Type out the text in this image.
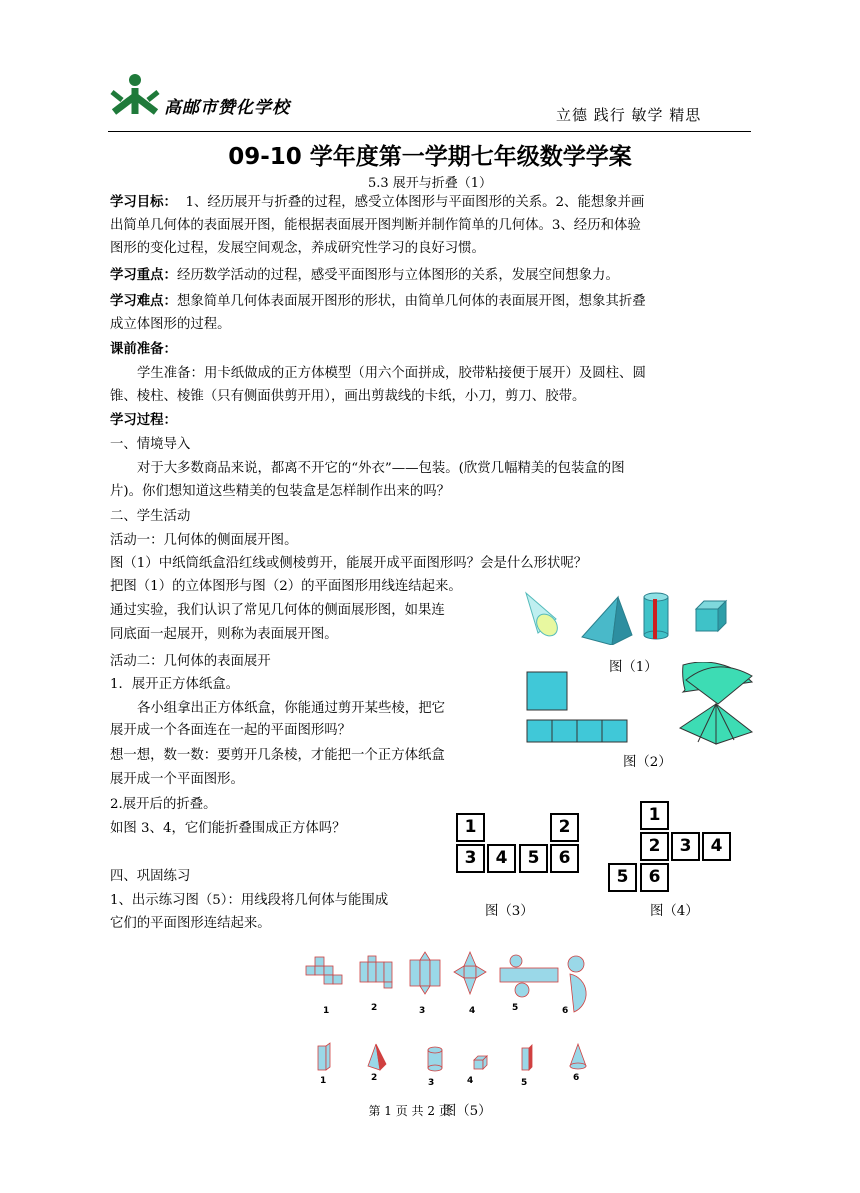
高邮市赞化学校	立德 践行 敏学 精思
09-10 学年度第一学期七年级数学学案
5.3 展开与折叠（1）
学习目标： 1、经历展开与折叠的过程，感受立体图形与平面图形的关系。2、能想象并画
出简单几何体的表面展开图，能根据表面展开图判断并制作简单的几何体。3、经历和体验
图形的变化过程，发展空间观念，养成研究性学习的良好习惯。
学习重点：经历数学活动的过程，感受平面图形与立体图形的关系，发展空间想象力。
学习难点：想象简单几何体表面展开图形的形状，由简单几何体的表面展开图，想象其折叠
成立体图形的过程。
课前准备：
学生准备：用卡纸做成的正方体模型（用六个面拼成，胶带粘接便于展开）及圆柱、圆
锥、棱柱、棱锥（只有侧面供剪开用），画出剪裁线的卡纸，小刀，剪刀、胶带。
学习过程：
一、情境导入
对于大多数商品来说，都离不开它的“外衣”——包装。(欣赏几幅精美的包装盒的图
片)。你们想知道这些精美的包装盒是怎样制作出来的吗？
二、学生活动
活动一：几何体的侧面展开图。
图（1）中纸筒纸盒沿红线或侧棱剪开，能展开成平面图形吗？会是什么形状呢？
把图（1）的立体图形与图（2）的平面图形用线连结起来。
通过实验，我们认识了常见几何体的侧面展形图，如果连
同底面一起展开，则称为表面展开图。
活动二：几何体的表面展开
1．展开正方体纸盒。
各小组拿出正方体纸盒，你能通过剪开某些棱，把它
展开成一个各面连在一起的平面图形吗？
想一想，数一数：要剪开几条棱，才能把一个正方体纸盒
展开成一个平面图形。
2.展开后的折叠。
如图 3、4，它们能折叠围成正方体吗？
四、巩固练习
1、出示练习图（5）：用线段将几何体与能围成
它们的平面图形连结起来。
图（1）
图（2）
1	2
3	4	5	6
图（3）
1
2	3	4
5	6
图（4）
1	2	3	4	5	6
1	2	3	4	5	6
第 1 页 共 2 页图（5）
